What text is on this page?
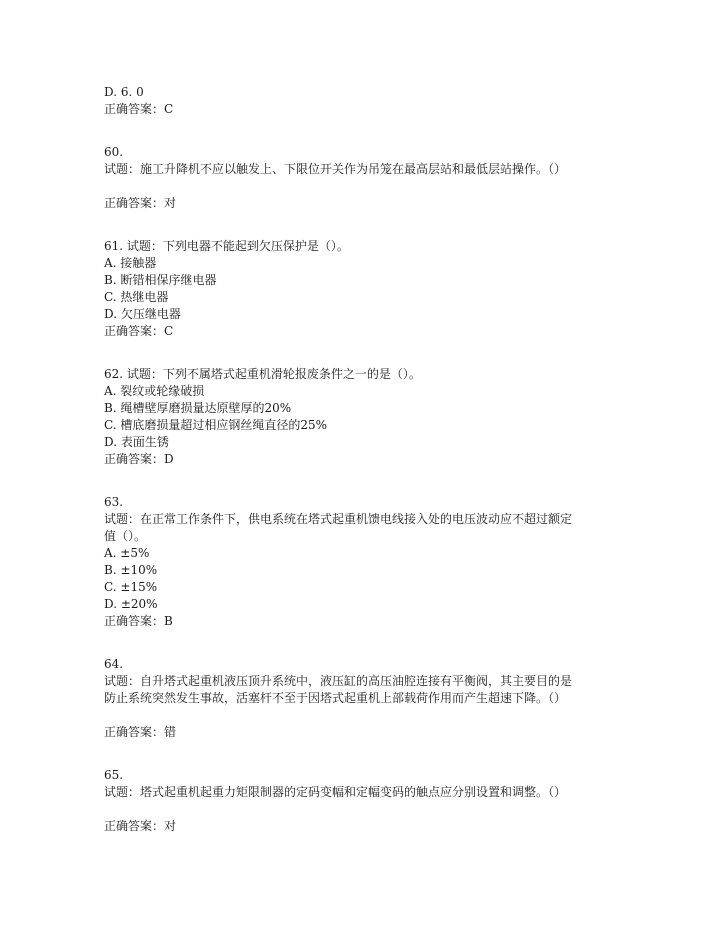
D. 6. 0
正确答案：C
60.
试题：施工升降机不应以触发上、下限位开关作为吊笼在最高层站和最低层站操作。（）
正确答案：对
61. 试题：下列电器不能起到欠压保护是（）。
A. 接触器
B. 断错相保序继电器
C. 热继电器
D. 欠压继电器
正确答案：C
62. 试题：下列不属塔式起重机滑轮报废条件之一的是（）。
A. 裂纹或轮缘破损
B. 绳槽壁厚磨损量达原壁厚的20%
C. 槽底磨损量超过相应钢丝绳直径的25%
D. 表面生锈
正确答案：D
63.
试题：在正常工作条件下，供电系统在塔式起重机馈电线接入处的电压波动应不超过额定
值（）。
A. ±5%
B. ±10%
C. ±15%
D. ±20%
正确答案：B
64.
试题：自升塔式起重机液压顶升系统中，液压缸的高压油腔连接有平衡阀，其主要目的是
防止系统突然发生事故，活塞杆不至于因塔式起重机上部载荷作用而产生超速下降。（）
正确答案：错
65.
试题：塔式起重机起重力矩限制器的定码变幅和定幅变码的触点应分别设置和调整。（）
正确答案：对
